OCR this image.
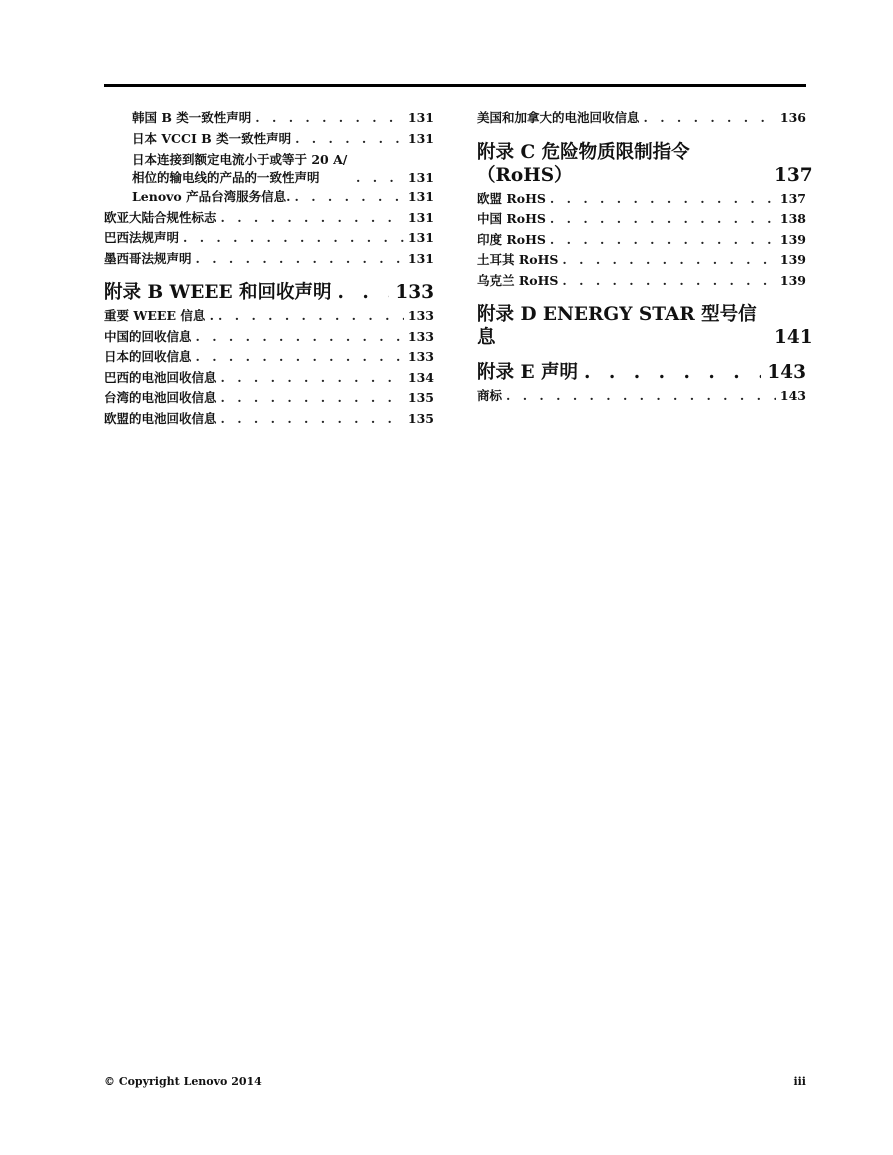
韩国 B 类一致性声明 . . .	131
日本 VCCI B 类一致性声明 . . .	131
日本连接到额定电流小于或等于 20 A/相位的输电线的产品的一致性声明 . . .	131
Lenovo 产品台湾服务信息. . . .	131
欧亚大陆合规性标志 . . .	131
巴西法规声明 . . .	131
墨西哥法规声明 . . .	131
附录 B WEEE 和回收声明 . . .	133
重要 WEEE 信息 . . . .	133
中国的回收信息 . . .	133
日本的回收信息 . . .	133
巴西的电池回收信息 . . .	134
台湾的电池回收信息 . . .	135
欧盟的电池回收信息 . . .	135
美国和加拿大的电池回收信息 . . .	136
附录 C 危险物质限制指令（RoHS）	137
欧盟 RoHS . . .	137
中国 RoHS . . .	138
印度 RoHS . . .	139
土耳其 RoHS . . .	139
乌克兰 RoHS . . .	139
附录 D ENERGY STAR 型号信息	141
附录 E 声明 . . .	143
商标 . . .	143
© Copyright Lenovo 2014	iii
